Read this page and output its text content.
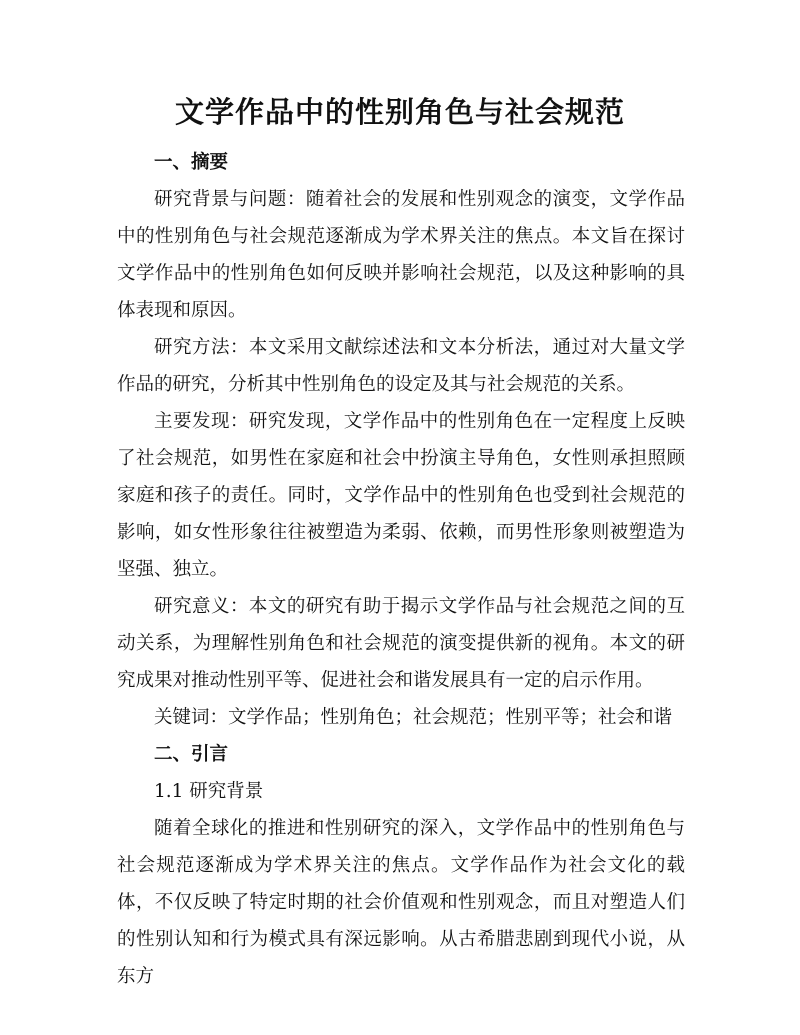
文学作品中的性别角色与社会规范
一、摘要

研究背景与问题：随着社会的发展和性别观念的演变，文学作品中的性别角色与社会规范逐渐成为学术界关注的焦点。本文旨在探讨文学作品中的性别角色如何反映并影响社会规范，以及这种影响的具体表现和原因。

研究方法：本文采用文献综述法和文本分析法，通过对大量文学作品的研究，分析其中性别角色的设定及其与社会规范的关系。

主要发现：研究发现，文学作品中的性别角色在一定程度上反映了社会规范，如男性在家庭和社会中扮演主导角色，女性则承担照顾家庭和孩子的责任。同时，文学作品中的性别角色也受到社会规范的影响，如女性形象往往被塑造为柔弱、依赖，而男性形象则被塑造为坚强、独立。

研究意义：本文的研究有助于揭示文学作品与社会规范之间的互动关系，为理解性别角色和社会规范的演变提供新的视角。本文的研究成果对推动性别平等、促进社会和谐发展具有一定的启示作用。

关键词：文学作品；性别角色；社会规范；性别平等；社会和谐

二、引言
1.1 研究背景

随着全球化的推进和性别研究的深入，文学作品中的性别角色与社会规范逐渐成为学术界关注的焦点。文学作品作为社会文化的载体，不仅反映了特定时期的社会价值观和性别观念，而且对塑造人们的性别认知和行为模式具有深远影响。从古希腊悲剧到现代小说，从东方
